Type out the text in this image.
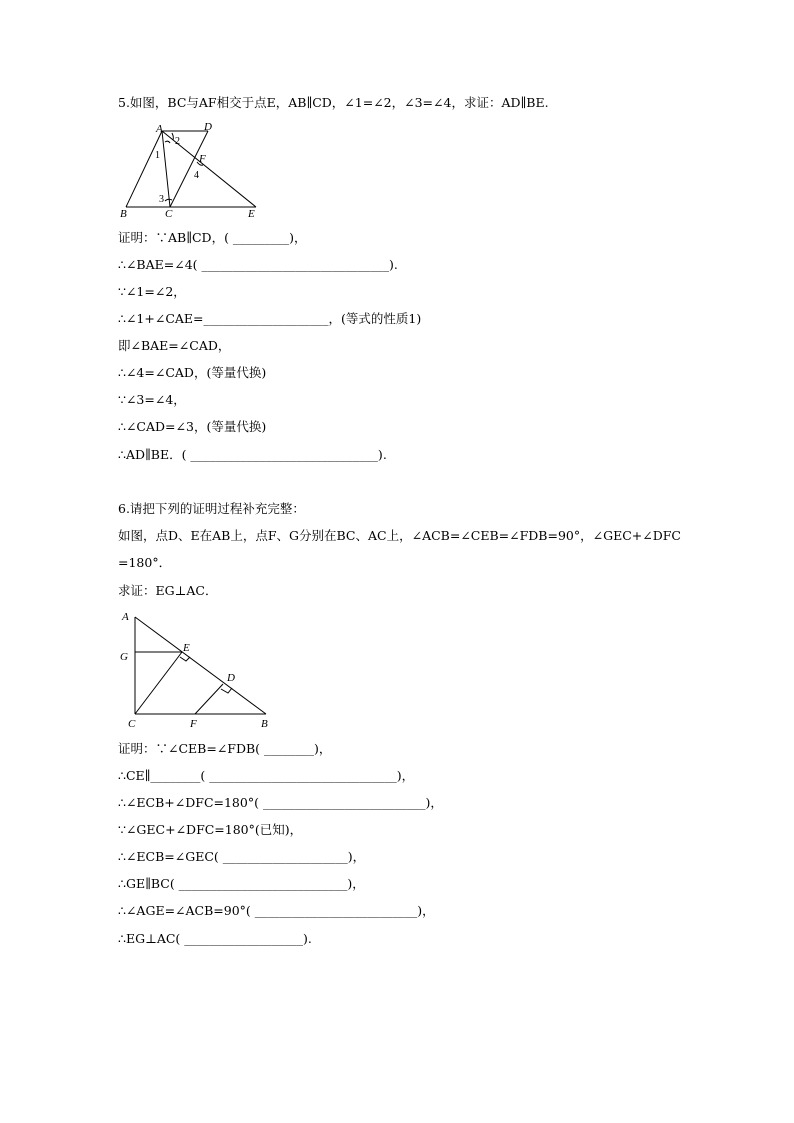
5.如图，BC与AF相交于点E，AB∥CD，∠1=∠2，∠3=∠4，求证：AD∥BE.
A	D
F
B	C	E
1
2
3
4
证明：∵AB∥CD，( _________)，
∴∠BAE=∠4( ______________________________).
∵∠1=∠2，
∴∠1+∠CAE=____________________，(等式的性质1)
即∠BAE=∠CAD，
∴∠4=∠CAD，(等量代换)
∵∠3=∠4，
∴∠CAD=∠3，(等量代换)
∴AD∥BE．( ______________________________).
6.请把下列的证明过程补充完整：
如图，点D、E在AB上，点F、G分别在BC、AC上，∠ACB=∠CEB=∠FDB=90°，∠GEC+∠DFC
=180°．
求证：EG⊥AC．
A
G
E
D
C	F	B
证明：∵∠CEB=∠FDB( ________)，
∴CE∥________( ______________________________)，
∴∠ECB+∠DFC=180°( __________________________)，
∵∠GEC+∠DFC=180°(已知)，
∴∠ECB=∠GEC( ____________________)，
∴GE∥BC( ___________________________)，
∴∠AGE=∠ACB=90°( __________________________)，
∴EG⊥AC( ___________________).
